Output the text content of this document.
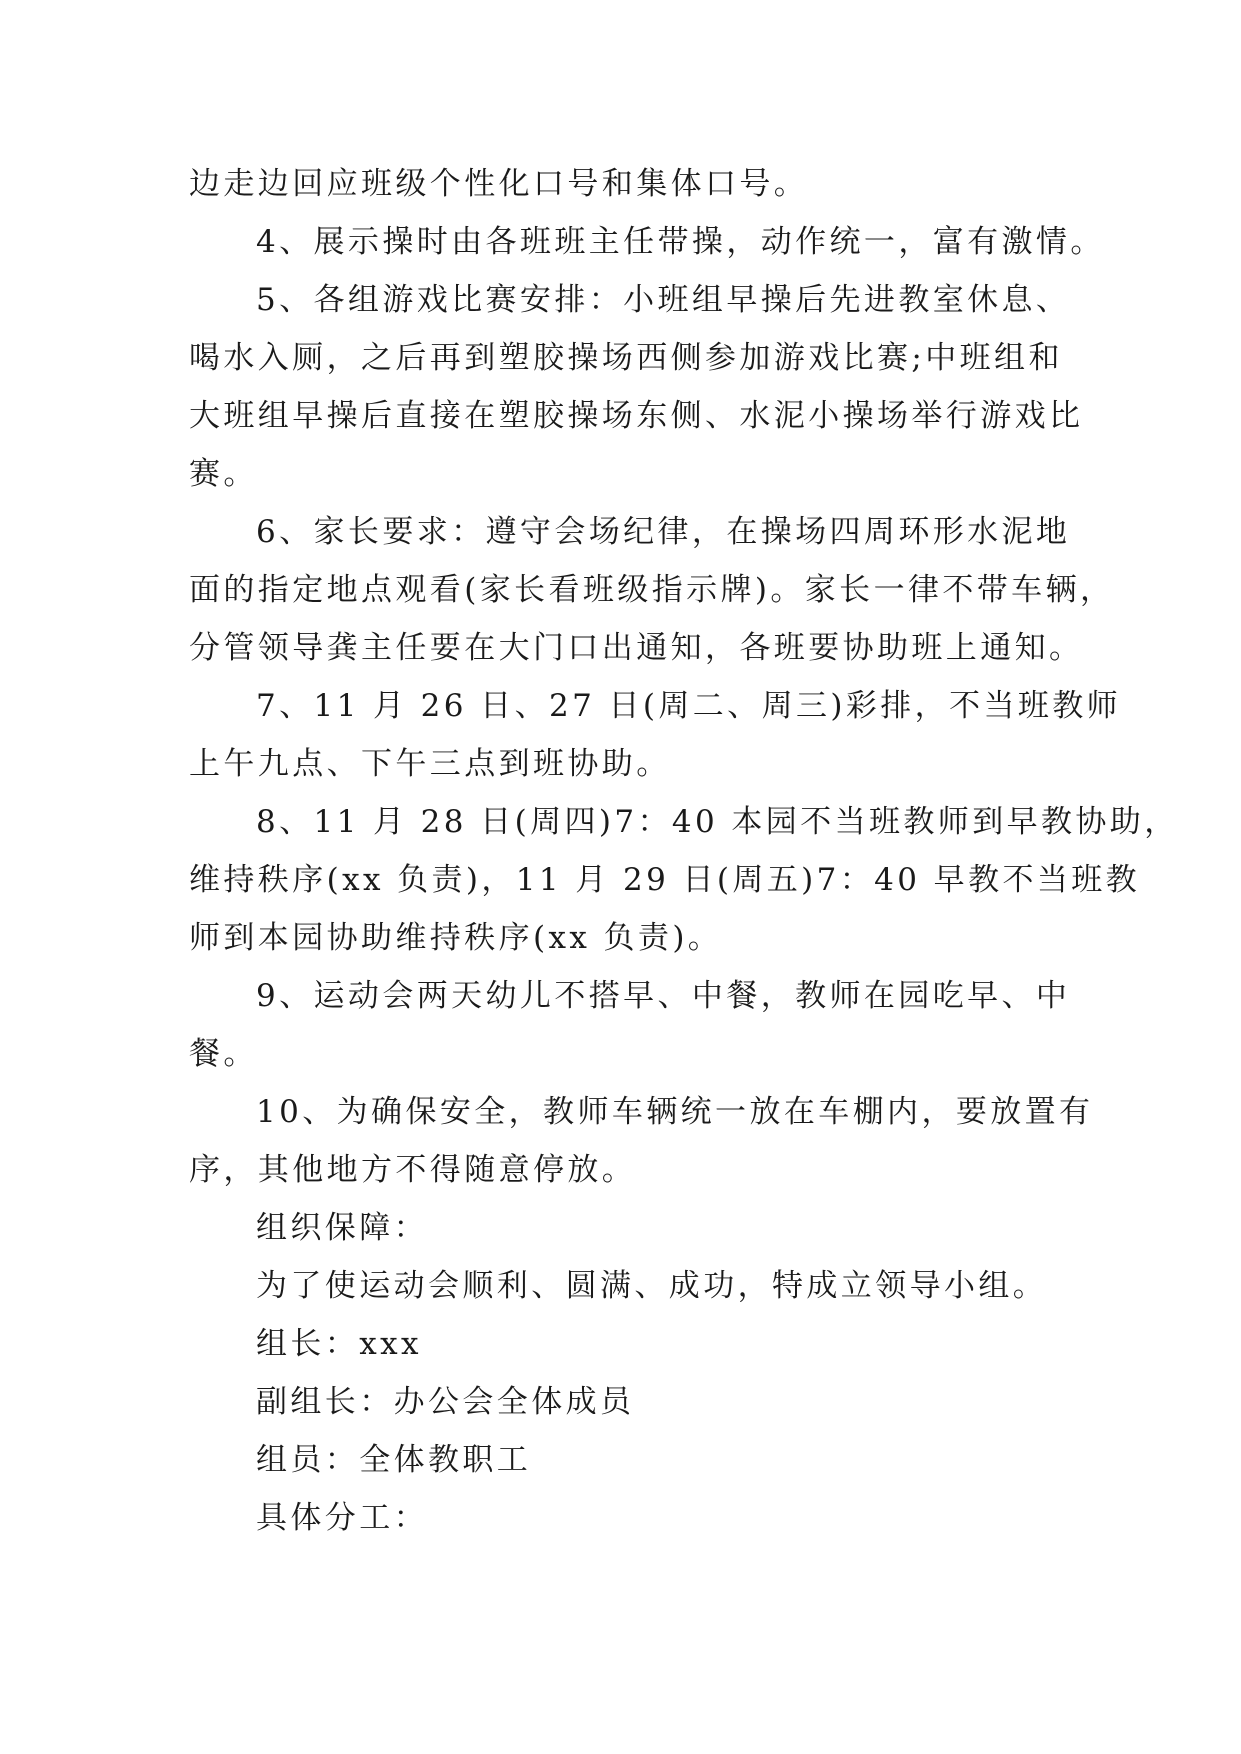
边走边回应班级个性化口号和集体口号。
4、展示操时由各班班主任带操，动作统一，富有激情。
5、各组游戏比赛安排：小班组早操后先进教室休息、
喝水入厕，之后再到塑胶操场西侧参加游戏比赛;中班组和
大班组早操后直接在塑胶操场东侧、水泥小操场举行游戏比
赛。
6、家长要求：遵守会场纪律，在操场四周环形水泥地
面的指定地点观看(家长看班级指示牌)。家长一律不带车辆，
分管领导龚主任要在大门口出通知，各班要协助班上通知。
7、11 月 26 日、27 日(周二、周三)彩排，不当班教师
上午九点、下午三点到班协助。
8、11 月 28 日(周四)7：40 本园不当班教师到早教协助，
维持秩序(xx 负责)，11 月 29 日(周五)7：40 早教不当班教
师到本园协助维持秩序(xx 负责)。
9、运动会两天幼儿不搭早、中餐，教师在园吃早、中
餐。
10、为确保安全，教师车辆统一放在车棚内，要放置有
序，其他地方不得随意停放。
组织保障：
为了使运动会顺利、圆满、成功，特成立领导小组。
组长：xxx
副组长：办公会全体成员
组员：全体教职工
具体分工：
